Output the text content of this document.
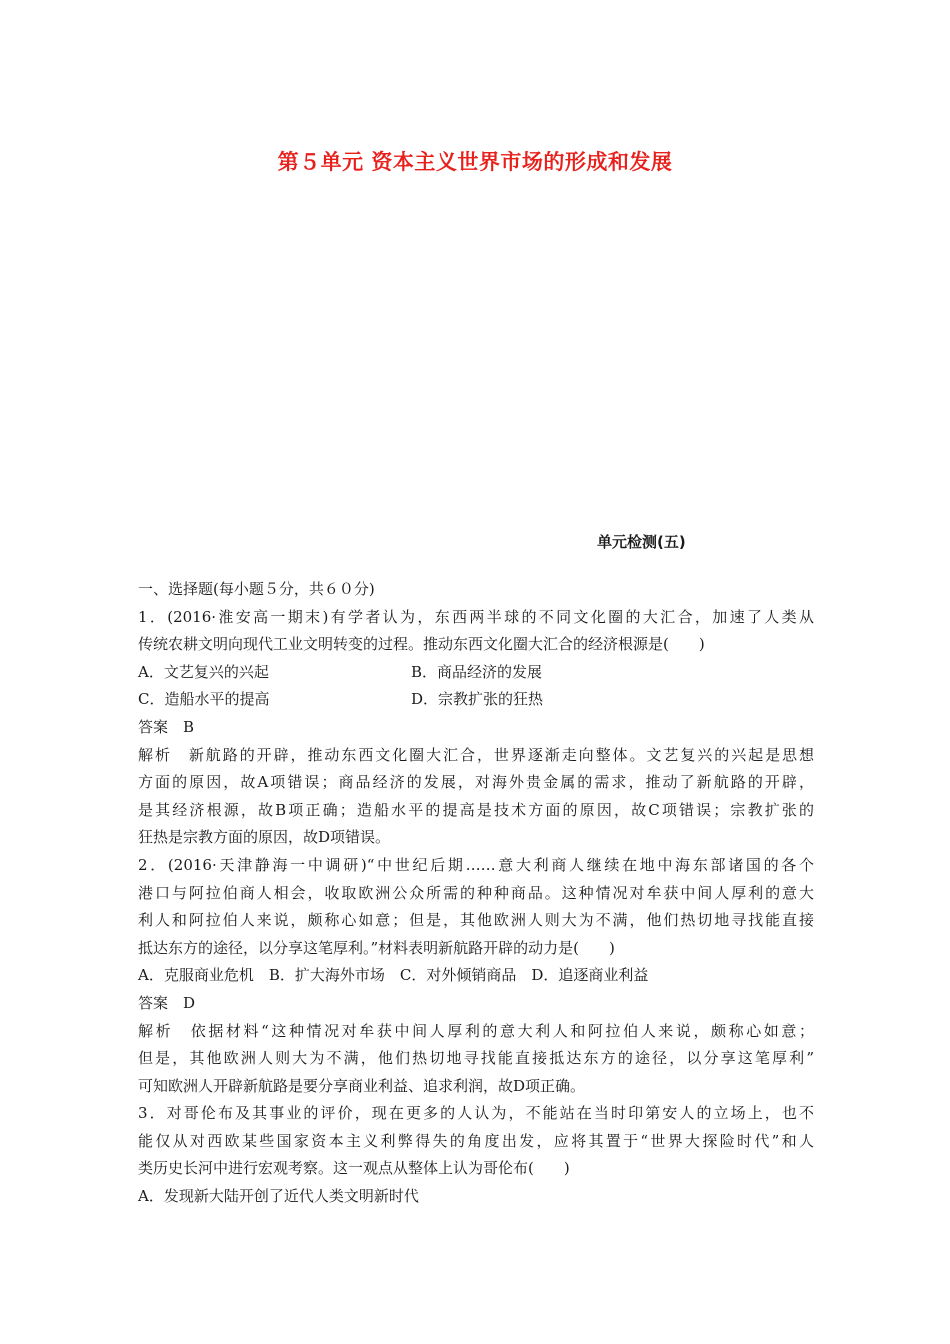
第５单元 资本主义世界市场的形成和发展
单元检测(五)
一、选择题(每小题５分，共６０分)
1．(2016·淮安高一期末)有学者认为，东西两半球的不同文化圈的大汇合，加速了人类从
传统农耕文明向现代工业文明转变的过程。推动东西文化圈大汇合的经济根源是(　　)
A．文艺复兴的兴起	B．商品经济的发展
C．造船水平的提高	D．宗教扩张的狂热
答案　B
解析　新航路的开辟，推动东西文化圈大汇合，世界逐渐走向整体。文艺复兴的兴起是思想
方面的原因，故A项错误；商品经济的发展，对海外贵金属的需求，推动了新航路的开辟，
是其经济根源，故B项正确；造船水平的提高是技术方面的原因，故C项错误；宗教扩张的
狂热是宗教方面的原因，故D项错误。
2．(2016·天津静海一中调研)“中世纪后期……意大利商人继续在地中海东部诸国的各个
港口与阿拉伯商人相会，收取欧洲公众所需的种种商品。这种情况对牟获中间人厚利的意大
利人和阿拉伯人来说，颇称心如意；但是，其他欧洲人则大为不满，他们热切地寻找能直接
抵达东方的途径，以分享这笔厚利。”材料表明新航路开辟的动力是(　　)
A．克服商业危机　B．扩大海外市场　C．对外倾销商品　D．追逐商业利益
答案　D
解析　依据材料“这种情况对牟获中间人厚利的意大利人和阿拉伯人来说，颇称心如意；
但是，其他欧洲人则大为不满，他们热切地寻找能直接抵达东方的途径，以分享这笔厚利”
可知欧洲人开辟新航路是要分享商业利益、追求利润，故D项正确。
3．对哥伦布及其事业的评价，现在更多的人认为，不能站在当时印第安人的立场上，也不
能仅从对西欧某些国家资本主义利弊得失的角度出发，应将其置于“世界大探险时代”和人
类历史长河中进行宏观考察。这一观点从整体上认为哥伦布(　　)
A．发现新大陆开创了近代人类文明新时代
